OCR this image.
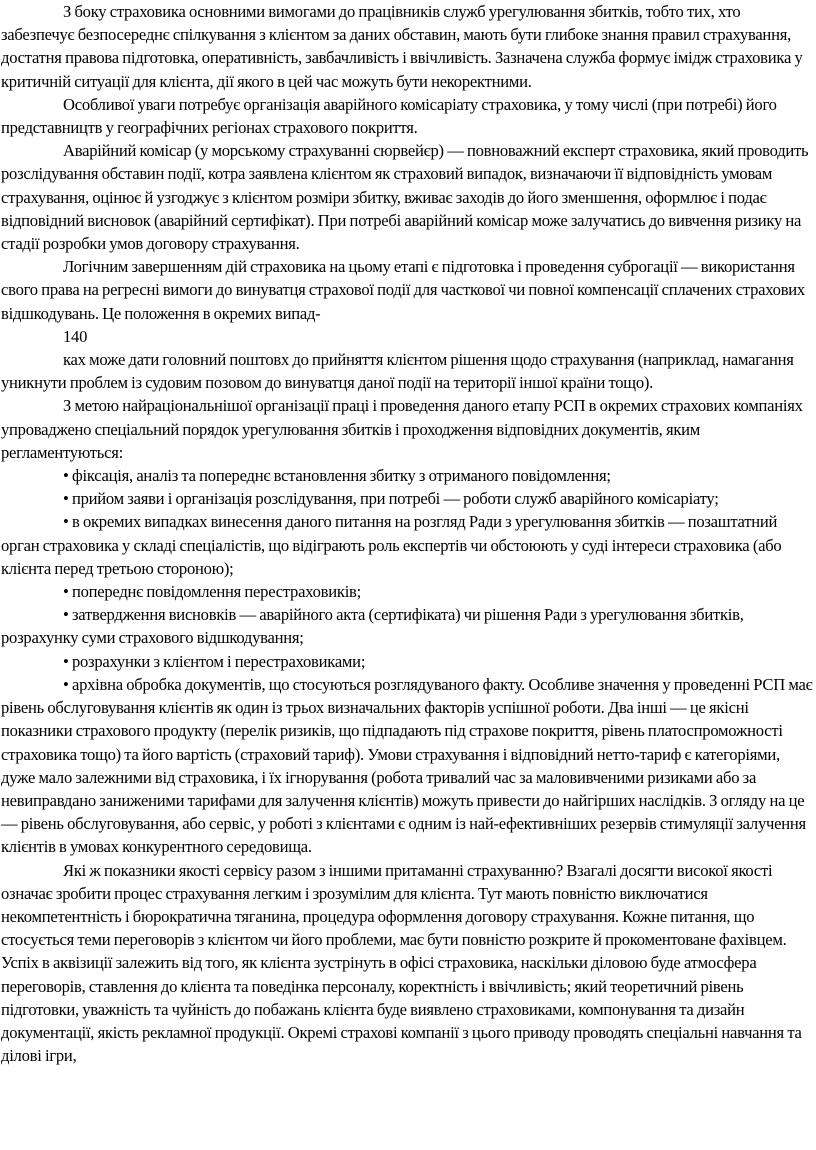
З боку страховика основними вимогами до працівників служб урегулювання збитків, тобто тих, хто забезпечує безпосереднє спілкування з клієнтом за даних обставин, мають бути глибоке знання правил страхування, достатня правова підготовка, оперативність, завбачливість і ввічливість. Зазначена служба формує імідж страховика у критичній ситуації для клієнта, дії якого в цей час можуть бути некоректними.

Особливої уваги потребує організація аварійного комісаріату страховика, у тому числі (при потребі) його представництв у географічних регіонах страхового покриття.

Аварійний комісар (у морському страхуванні сюрвейєр) — повноважний експерт страховика, який проводить розслідування обставин події, котра заявлена клієнтом як страховий випадок, визначаючи її відповідність умовам страхування, оцінює й узгоджує з клієнтом розміри збитку, вживає заходів до його зменшення, оформлює і подає відповідний висновок (аварійний сертифікат). При потребі аварійний комісар може залучатись до вивчення ризику на стадії розробки умов договору страхування.

Логічним завершенням дій страховика на цьому етапі є підготовка і проведення суброгації — використання свого права на регресні вимоги до винуватця страхової події для часткової чи повної компенсації сплачених страхових відшкодувань. Це положення в окремих випад-

140

ках може дати головний поштовх до прийняття клієнтом рішення щодо страхування (наприклад, намагання уникнути проблем із судовим позовом до винуватця даної події на території іншої країни тощо).

З метою найраціональнішої організації праці і проведення даного етапу РСП в окремих страхових компаніях упроваджено спеціальний порядок урегулювання збитків і проходження відповідних документів, яким регламентуються:

• фіксація, аналіз та попереднє встановлення збитку з отриманого повідомлення;

• прийом заяви і організація розслідування, при потребі — роботи служб аварійного комісаріату;

• в окремих випадках винесення даного питання на розгляд Ради з урегулювання збитків — позаштатний орган страховика у складі спеціалістів, що відіграють роль експертів чи обстоюють у суді інтереси страховика (або клієнта перед третьою стороною);

• попереднє повідомлення перестраховиків;

• затвердження висновків — аварійного акта (сертифіката) чи рішення Ради з урегулювання збитків, розрахунку суми страхового відшкодування;

• розрахунки з клієнтом і перестраховиками;

• архівна обробка документів, що стосуються розглядуваного факту. Особливе значення у проведенні РСП має рівень обслуговування клієнтів як один із трьох визначальних факторів успішної роботи. Два інші — це якісні показники страхового продукту (перелік ризиків, що підпадають під страхове покриття, рівень платоспроможності страховика тощо) та його вартість (страховий тариф). Умови страхування і відповідний нетто-тариф є категоріями, дуже мало залежними від страховика, і їх ігнорування (робота тривалий час за маловивченими ризиками або за невиправдано заниженими тарифами для залучення клієнтів) можуть привести до найгірших наслідків. З огляду на це — рівень обслуговування, або сервіс, у роботі з клієнтами є одним із най-ефективніших резервів стимуляції залучення клієнтів в умовах конкурентного середовища.

Які ж показники якості сервісу разом з іншими притаманні страхуванню? Взагалі досягти високої якості означає зробити процес страхування легким і зрозумілим для клієнта. Тут мають повністю виключатися некомпетентність і бюрократична тяганина, процедура оформлення договору страхування. Кожне питання, що стосується теми переговорів з клієнтом чи його проблеми, має бути повністю розкрите й прокоментоване фахівцем. Успіх в аквізиції залежить від того, як клієнта зустрінуть в офісі страховика, наскільки діловою буде атмосфера переговорів, ставлення до клієнта та поведінка персоналу, коректність і ввічливість; який теоретичний рівень підготовки, уважність та чуйність до побажань клієнта буде виявлено страховиками, компонування та дизайн документації, якість рекламної продукції. Окремі страхові компанії з цього приводу проводять спеціальні навчання та ділові ігри,
